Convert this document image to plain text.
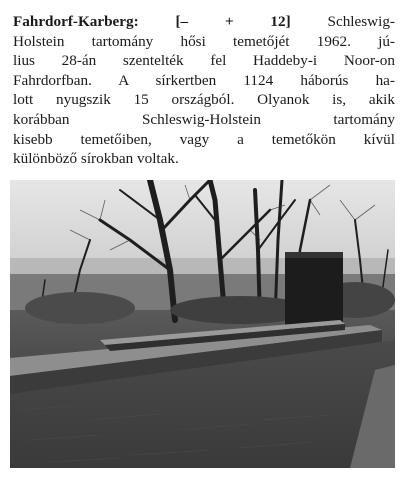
Fahrdorf-Karberg: [– + 12] Schleswig-
Holstein tartomány hősi temetőjét 1962. jú-
lius 28-án szentelték fel Haddeby-i Noor-on
Fahrdorfban. A sírkertben 1124 háborús ha-
lott nyugszik 15 országból. Olyanok is, akik
korábban Schleswig-Holstein tartomány
kisebb temetőiben, vagy a temetőkön kívül
különböző sírokban voltak.
